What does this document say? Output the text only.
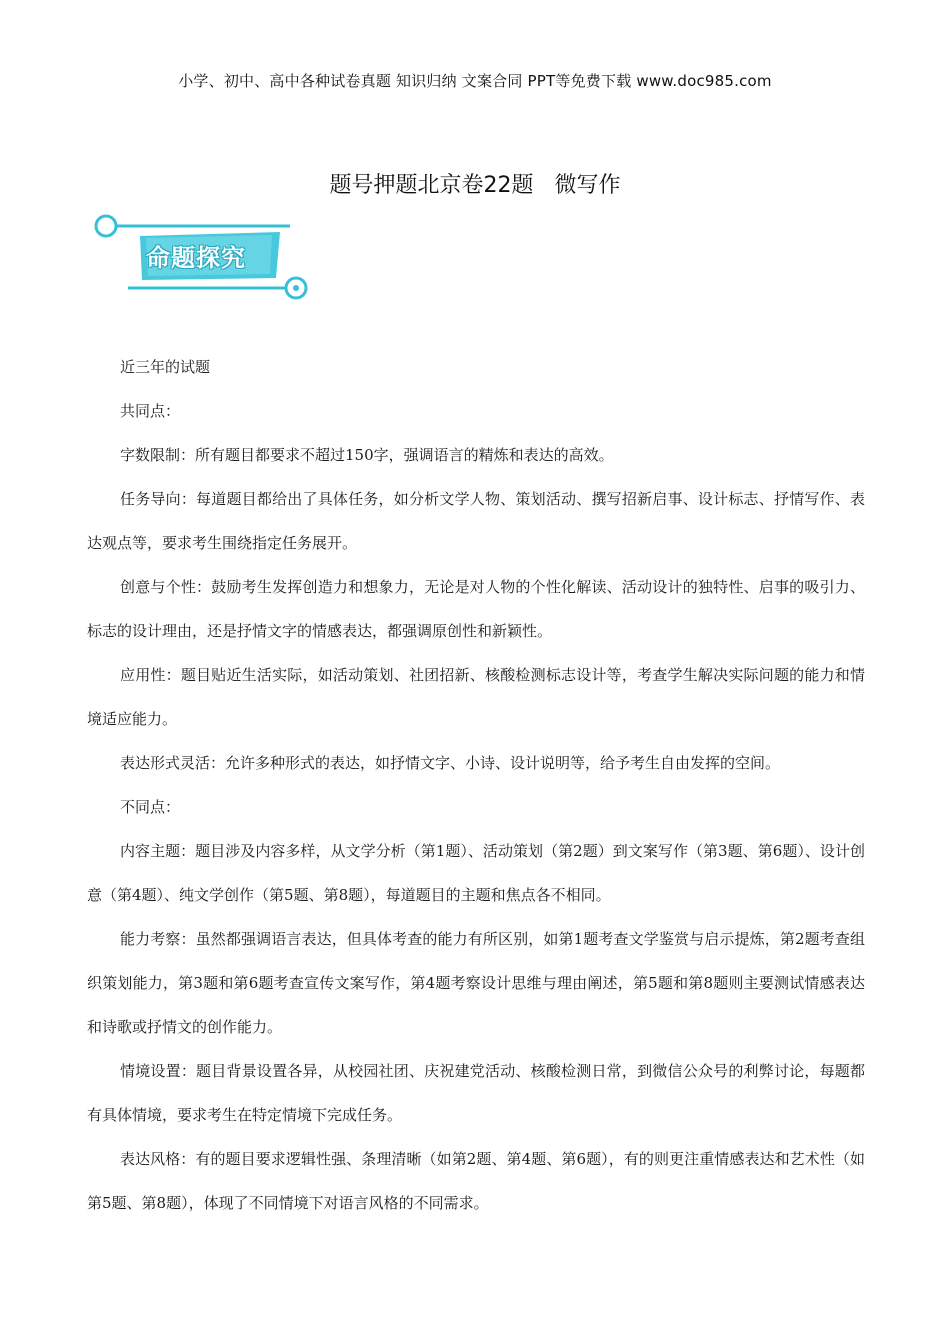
小学、初中、高中各种试卷真题 知识归纳 文案合同 PPT等免费下载 www.doc985.com
题号押题北京卷22题   微写作
命题探究

近三年的试题

共同点：

字数限制：所有题目都要求不超过150字，强调语言的精炼和表达的高效。

任务导向：每道题目都给出了具体任务，如分析文学人物、策划活动、撰写招新启事、设计标志、抒情写作、表达观点等，要求考生围绕指定任务展开。

创意与个性：鼓励考生发挥创造力和想象力，无论是对人物的个性化解读、活动设计的独特性、启事的吸引力、标志的设计理由，还是抒情文字的情感表达，都强调原创性和新颖性。

应用性：题目贴近生活实际，如活动策划、社团招新、核酸检测标志设计等，考查学生解决实际问题的能力和情境适应能力。

表达形式灵活：允许多种形式的表达，如抒情文字、小诗、设计说明等，给予考生自由发挥的空间。

不同点：

内容主题：题目涉及内容多样，从文学分析（第1题）、活动策划（第2题）到文案写作（第3题、第6题）、设计创意（第4题）、纯文学创作（第5题、第8题），每道题目的主题和焦点各不相同。

能力考察：虽然都强调语言表达，但具体考查的能力有所区别，如第1题考查文学鉴赏与启示提炼，第2题考查组织策划能力，第3题和第6题考查宣传文案写作，第4题考察设计思维与理由阐述，第5题和第8题则主要测试情感表达和诗歌或抒情文的创作能力。

情境设置：题目背景设置各异，从校园社团、庆祝建党活动、核酸检测日常，到微信公众号的利弊讨论，每题都有具体情境，要求考生在特定情境下完成任务。

表达风格：有的题目要求逻辑性强、条理清晰（如第2题、第4题、第6题），有的则更注重情感表达和艺术性（如第5题、第8题），体现了不同情境下对语言风格的不同需求。
